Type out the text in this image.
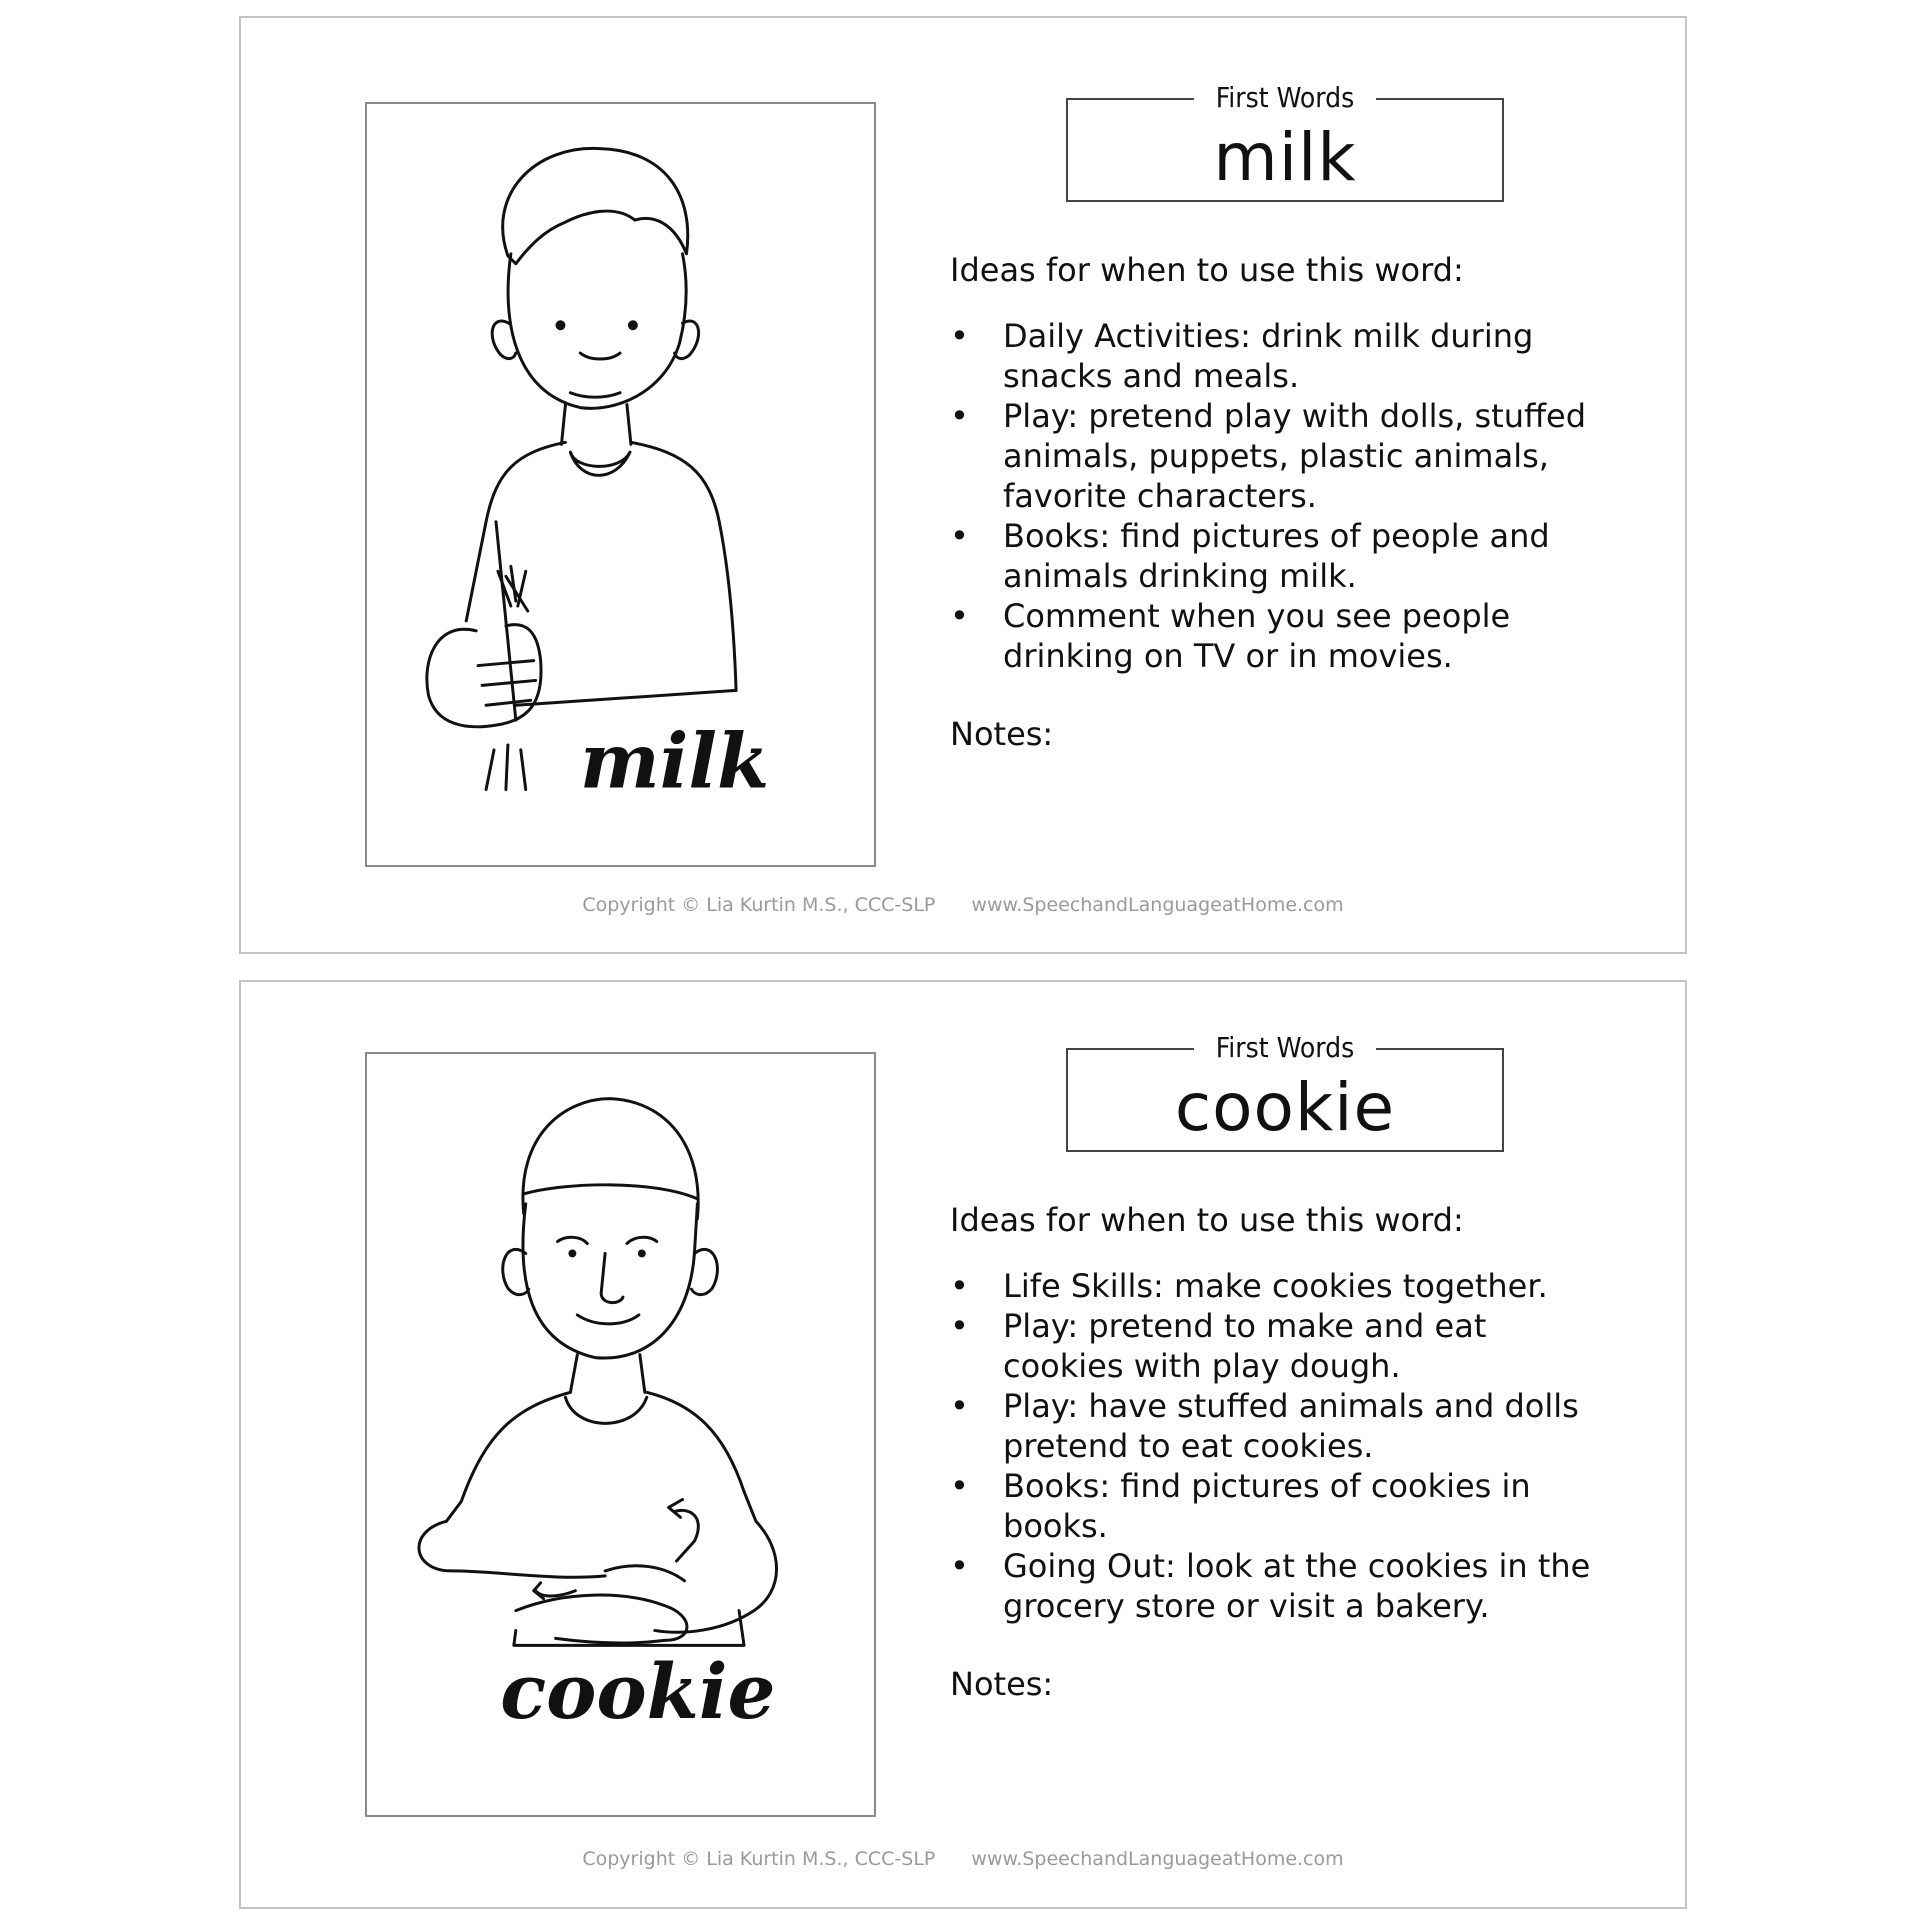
milk
First Words
milk

Ideas for when to use this word:

• Daily Activities: drink milk during snacks and meals.
• Play: pretend play with dolls, stuffed animals, puppets, plastic animals, favorite characters.
• Books: find pictures of people and animals drinking milk.
• Comment when you see people drinking on TV or in movies.
Notes:
Copyright © Lia Kurtin M.S., CCC-SLP www.SpeechandLanguageatHome.com
cookie
First Words
cookie

Ideas for when to use this word:

• Life Skills: make cookies together.
• Play: pretend to make and eat cookies with play dough.
• Play: have stuffed animals and dolls pretend to eat cookies.
• Books: find pictures of cookies in books.
• Going Out: look at the cookies in the grocery store or visit a bakery.
Notes:
Copyright © Lia Kurtin M.S., CCC-SLP www.SpeechandLanguageatHome.com
